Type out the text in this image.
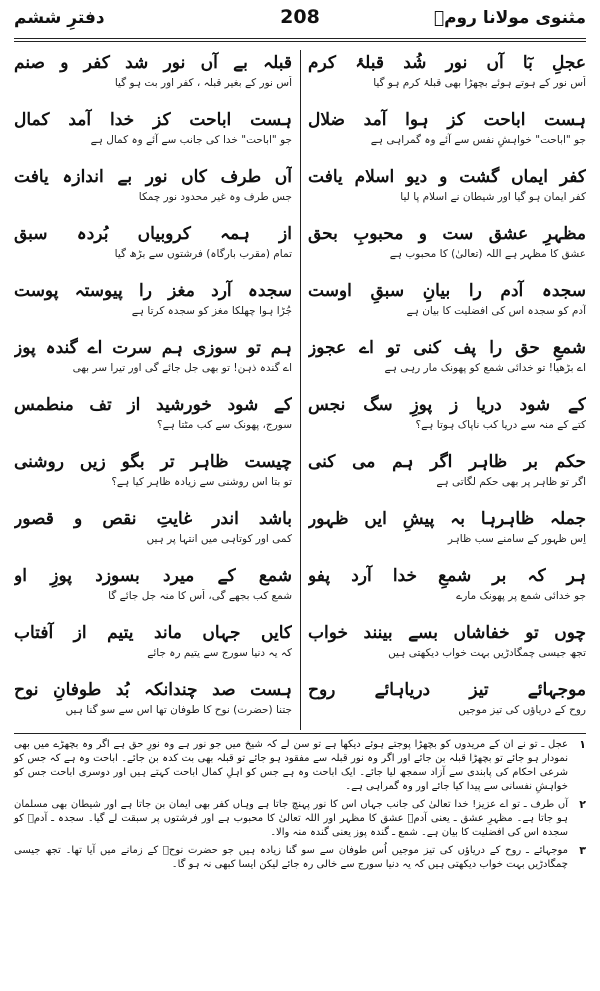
مثنوی مولانا رومؒ
208
دفترِ ششم
عجلِ بٓا آں نور شُد قبلۂ کرم
اُس نور کے ہوتے ہوئے بچھڑا بھی قبلۂ کرم ہو گیا
ہست اباحت کز ہوا آمد ضلال
جو "اباحت" خواہشِ نفس سے آئے وہ گمراہی ہے
کفر ایماں گشت و دیو اسلام یافت
کفر ایمان ہو گیا اور شیطان نے اسلام پا لیا
مظہرِ عشق ست و محبوبِ بحق
عشق کا مظہر ہے اللہ (تعالیٰ) کا محبوب ہے
سجدہ آدم را بیانِ سبقِ اوست
آدم کو سجدہ اس کی افضلیت کا بیان ہے
شمعِ حق را پف کنی تو اے عجوز
اے بڑھیا! تو خدائی شمع کو پھونک مار رہی ہے
کے شود دریا ز پوزِ سگ نجس
کتے کے منہ سے دریا کب ناپاک ہوتا ہے؟
حکم بر ظاہر اگر ہم می کنی
اگر تو ظاہر پر بھی حکم لگاتی ہے
جملہ ظاہرہا بہ پیشِ ایں ظہور
اِس ظہور کے سامنے سب ظاہر
ہر کہ بر شمعِ خدا آرد پفو
جو خدائی شمع پر پھونک مارے
چوں تو خفاشاں بسے بینند خواب
تجھ جیسی چمگادڑیں بہت خواب دیکھتی ہیں
موجہائے تیز دریاہائے روح
روح کے دریاؤں کی تیز موجیں
قبلہ بے آں نور شد کفر و صنم
اُس نور کے بغیر قبلہ ، کفر اور بت ہو گیا
ہست اباحت کز خدا آمد کمال
جو "اباحت" خدا کی جانب سے آئے وہ کمال ہے
آں طرف کاں نور بے اندازہ یافت
جس طرف وہ غیر محدود نور چمکا
از ہمہ کروبیاں بُردہ سبق
تمام (مقرب بارگاہ) فرشتوں سے بڑھ گیا
سجدہ آرد مغز را پیوستہ پوست
جُڑا ہوا چھلکا مغز کو سجدہ کرتا ہے
ہم تو سوزی ہم سرت اے گندہ پوز
اے گندہ ذہن! تو بھی جل جائے گی اور تیرا سر بھی
کے شود خورشید از تف منطمس
سورج، پھونک سے کب مٹتا ہے؟
چیست ظاہر تر بگو زیں روشنی
تو بتا اس روشنی سے زیادہ ظاہر کیا ہے؟
باشد اندر غایتِ نقص و قصور
کمی اور کوتاہی میں انتہا پر ہیں
شمع کے میرد بسوزد پوزِ او
شمع کب بجھے گی، اُس کا منہ جل جائے گا
کایں جہاں ماند یتیم از آفتاب
کہ یہ دنیا سورج سے یتیم رہ جائے
ہست صد چندانکہ بُد طوفانِ نوح
جتنا (حضرت) نوح کا طوفان تھا اس سے سو گنا ہیں
۱
عجل ـ تو نے ان کے مریدوں کو بچھڑا پوجتے ہوئے دیکھا ہے تو سن لے کہ شیخ میں جو نور ہے وہ نورِ حق ہے اگر وہ بچھڑے میں بھی نمودار ہو جائے تو بچھڑا قبلہ بن جائے اور اگر وہ نور قبلہ سے مفقود ہو جائے تو قبلہ بھی بت کدہ بن جائے۔ اباحت وہ ہے کہ جس کو شرعی احکام کی پابندی سے آزاد سمجھ لیا جائے۔ ایک اباحت وہ ہے جس کو اہلِ کمال اباحت کہتے ہیں اور دوسری اباحت جس کو خواہشِ نفسانی سے پیدا کیا جائے اور وہ گمراہی ہے۔
۲
آں طرف ـ تو اے عزیز! خدا تعالیٰ کی جانب جہاں اس کا نور پہنچ جاتا ہے وہاں کفر بھی ایمان بن جاتا ہے اور شیطان بھی مسلمان ہو جاتا ہے۔ مظہرِ عشق ـ یعنی آدمؑ عشق کا مظہر اور اللہ تعالیٰ کا محبوب ہے اور فرشتوں پر سبقت لے گیا۔ سجدہ ـ آدمؑ کو سجدہ اس کی افضلیت کا بیان ہے۔ شمع ـ گندہ پوز یعنی گندہ منہ والا۔
۳
موجہائے ـ روح کے دریاؤں کی تیز موجیں اُس طوفان سے سو گنا زیادہ ہیں جو حضرت نوحؑ کے زمانے میں آیا تھا۔ تجھ جیسی چمگادڑیں بہت خواب دیکھتی ہیں کہ یہ دنیا سورج سے خالی رہ جائے لیکن ایسا کبھی نہ ہو گا۔
